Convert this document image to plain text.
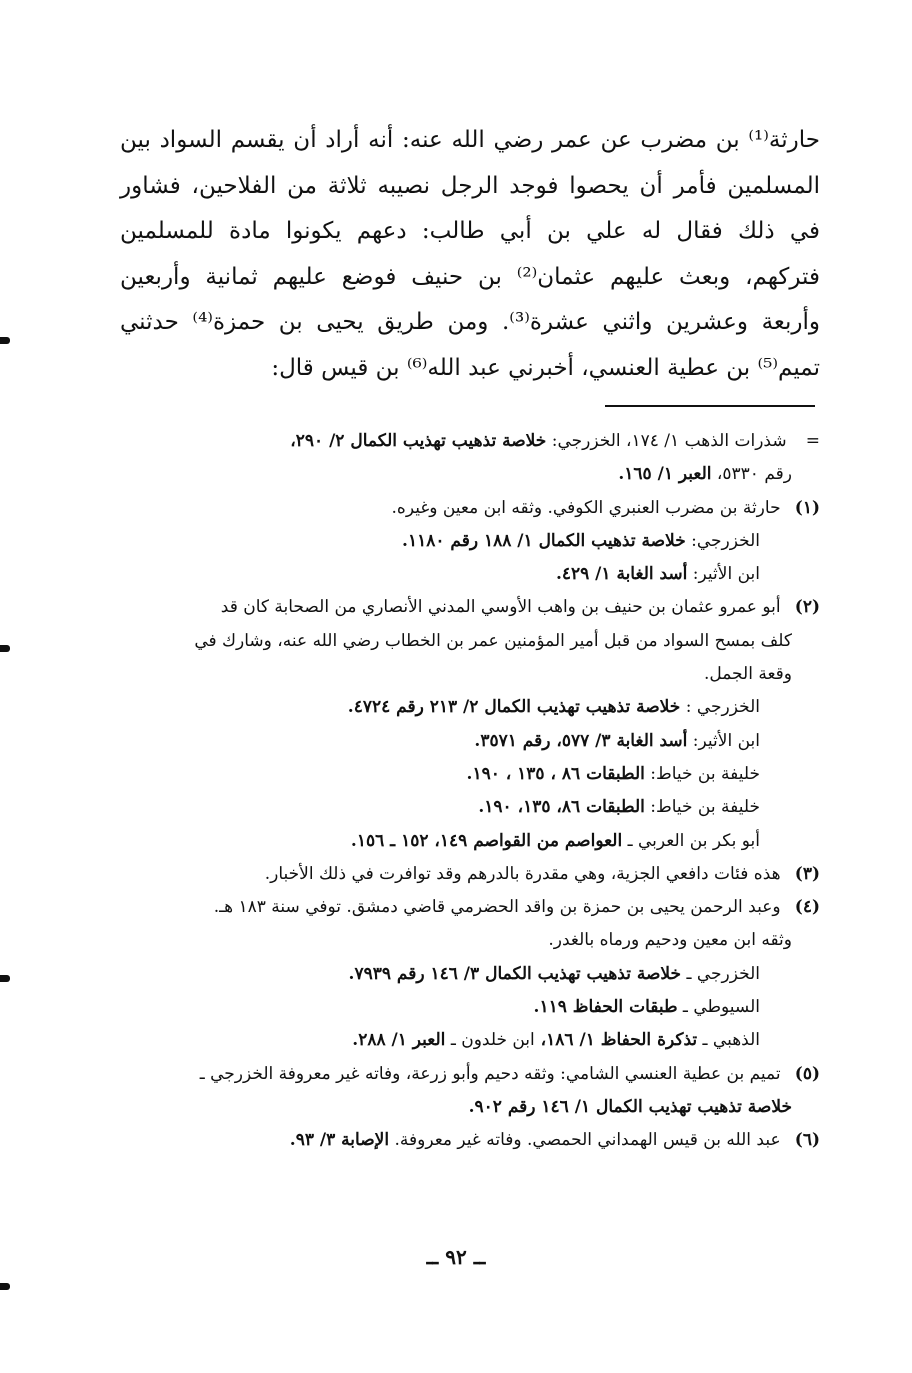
حارثة⁽¹⁾ بن مضرب عن عمر رضي الله عنه: أنه أراد أن يقسم السواد بين
المسلمين فأمر أن يحصوا فوجد الرجل نصيبه ثلاثة من الفلاحين، فشاور
في ذلك فقال له علي بن أبي طالب: دعهم يكونوا مادة للمسلمين
فتركهم، وبعث عليهم عثمان⁽²⁾ بن حنيف فوضع عليهم ثمانية وأربعين
وأربعة وعشرين واثني عشرة⁽³⁾. ومن طريق يحيى بن حمزة⁽⁴⁾ حدثني
تميم⁽⁵⁾ بن عطية العنسي، أخبرني عبد الله⁽⁶⁾ بن قيس قال:
= شذرات الذهب ١/ ١٧٤، الخزرجي: خلاصة تذهيب تهذيب الكمال ٢/ ٢٩٠،
رقم ٥٣٣٠، العبر ١/ ١٦٥.
(١) حارثة بن مضرب العنبري الكوفي. وثقه ابن معين وغيره.
الخزرجي: خلاصة تذهيب الكمال ١/ ١٨٨ رقم ١١٨٠.
ابن الأثير: أسد الغابة ١/ ٤٢٩.
(٢) أبو عمرو عثمان بن حنيف بن واهب الأوسي المدني الأنصاري من الصحابة كان قد
كلف بمسح السواد من قبل أمير المؤمنين عمر بن الخطاب رضي الله عنه، وشارك في
وقعة الجمل.
الخزرجي : خلاصة تذهيب تهذيب الكمال ٢/ ٢١٣ رقم ٤٧٢٤.
ابن الأثير: أسد الغابة ٣/ ٥٧٧، رقم ٣٥٧١.
خليفة بن خياط: الطبقات ٨٦ ، ١٣٥ ، ١٩٠.
خليفة بن خياط: الطبقات ٨٦، ١٣٥، ١٩٠.
أبو بكر بن العربي ـ العواصم من القواصم ١٤٩، ١٥٢ ـ ١٥٦.
(٣) هذه فئات دافعي الجزية، وهي مقدرة بالدرهم وقد توافرت في ذلك الأخبار.
(٤) وعبد الرحمن يحيى بن حمزة بن واقد الحضرمي قاضي دمشق. توفي سنة ١٨٣ هـ.
وثقه ابن معين ودحيم ورماه بالغدر.
الخزرجي ـ خلاصة تذهيب تهذيب الكمال ٣/ ١٤٦ رقم ٧٩٣٩.
السيوطي ـ طبقات الحفاظ ١١٩.
الذهبي ـ تذكرة الحفاظ ١/ ١٨٦، ابن خلدون ـ العبر ١/ ٢٨٨.
(٥) تميم بن عطية العنسي الشامي: وثقه دحيم وأبو زرعة، وفاته غير معروفة الخزرجي ـ
خلاصة تذهيب تهذيب الكمال ١/ ١٤٦ رقم ٩٠٢.
(٦) عبد الله بن قيس الهمداني الحمصي. وفاته غير معروفة. الإصابة ٣/ ٩٣.
ــ ٩٢ ــ
